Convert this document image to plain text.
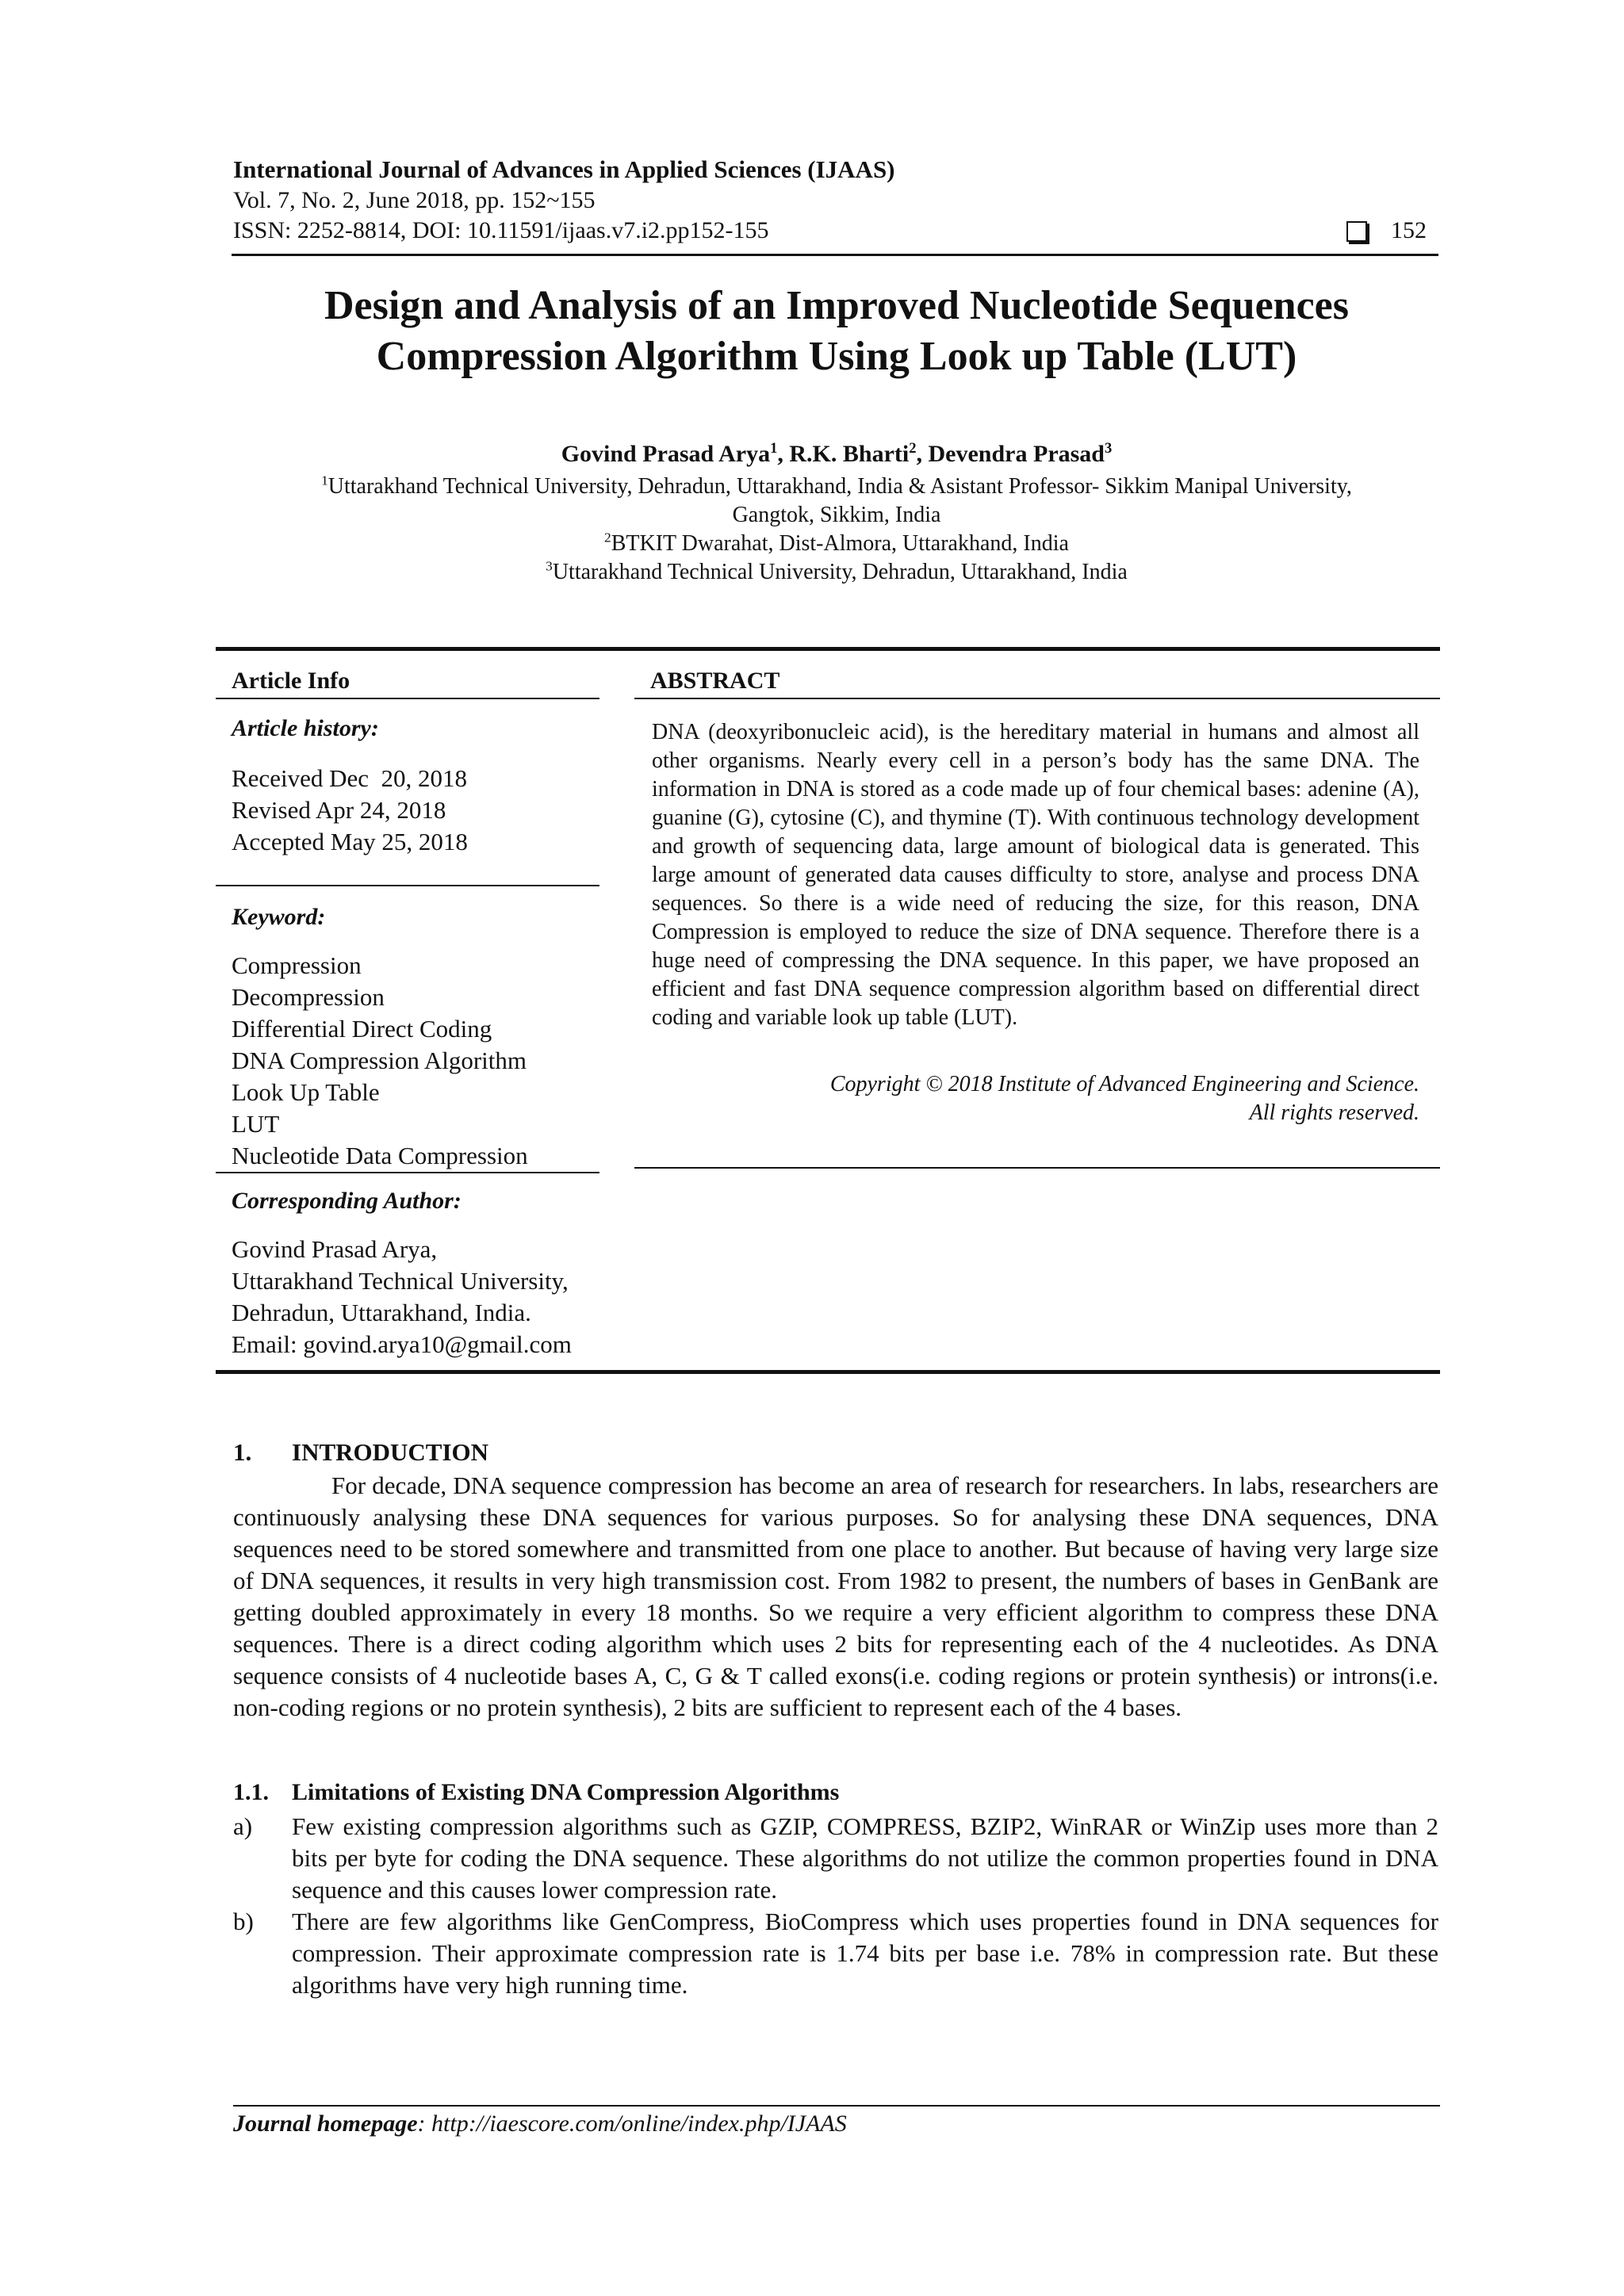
International Journal of Advances in Applied Sciences (IJAAS)
Vol. 7, No. 2, June 2018, pp. 152~155
ISSN: 2252-8814, DOI: 10.11591/ijaas.v7.i2.pp152-155	152
Design and Analysis of an Improved Nucleotide Sequences
Compression Algorithm Using Look up Table (LUT)
Govind Prasad Arya$^1$, R.K. Bharti$^2$, Devendra Prasad$^3$
$^1$Uttarakhand Technical University, Dehradun, Uttarakhand, India & Asistant Professor- Sikkim Manipal University,
Gangtok, Sikkim, India
$^2$BTKIT Dwarahat, Dist-Almora, Uttarakhand, India
$^3$Uttarakhand Technical University, Dehradun, Uttarakhand, India
Article Info
Article history:
Received Dec  20, 2018
Revised Apr 24, 2018
Accepted May 25, 2018
Keyword:
Compression
Decompression
Differential Direct Coding
DNA Compression Algorithm
Look Up Table
LUT
Nucleotide Data Compression
Corresponding Author:
Govind Prasad Arya,
Uttarakhand Technical University,
Dehradun, Uttarakhand, India.
Email: govind.arya10@gmail.com
ABSTRACT
DNA (deoxyribonucleic acid), is the hereditary material in humans and almost all other organisms. Nearly every cell in a person’s body has the same DNA. The information in DNA is stored as a code made up of four chemical bases: adenine (A), guanine (G), cytosine (C), and thymine (T). With continuous technology development and growth of sequencing data, large amount of biological data is generated. This large amount of generated data causes difficulty to store, analyse and process DNA sequences. So there is a wide need of reducing the size, for this reason, DNA Compression is employed to reduce the size of DNA sequence. Therefore there is a huge need of compressing the DNA sequence. In this paper, we have proposed an efficient and fast DNA sequence compression algorithm based on differential direct coding and variable look up table (LUT).
Copyright © 2018 Institute of Advanced Engineering and Science.
All rights reserved.
1. INTRODUCTION
For decade, DNA sequence compression has become an area of research for researchers. In labs, researchers are continuously analysing these DNA sequences for various purposes. So for analysing these DNA sequences, DNA sequences need to be stored somewhere and transmitted from one place to another. But because of having very large size of DNA sequences, it results in very high transmission cost. From 1982 to present, the numbers of bases in GenBank are getting doubled approximately in every 18 months. So we require a very efficient algorithm to compress these DNA sequences. There is a direct coding algorithm which uses 2 bits for representing each of the 4 nucleotides. As DNA sequence consists of 4 nucleotide bases A, C, G & T called exons(i.e. coding regions or protein synthesis) or introns(i.e. non-coding regions or no protein synthesis), 2 bits are sufficient to represent each of the 4 bases.
1.1. Limitations of Existing DNA Compression Algorithms
a) Few existing compression algorithms such as GZIP, COMPRESS, BZIP2, WinRAR or WinZip uses more than 2 bits per byte for coding the DNA sequence. These algorithms do not utilize the common properties found in DNA sequence and this causes lower compression rate.
b) There are few algorithms like GenCompress, BioCompress which uses properties found in DNA sequences for compression. Their approximate compression rate is 1.74 bits per base i.e. 78% in compression rate. But these algorithms have very high running time.
Journal homepage: http://iaescore.com/online/index.php/IJAAS
